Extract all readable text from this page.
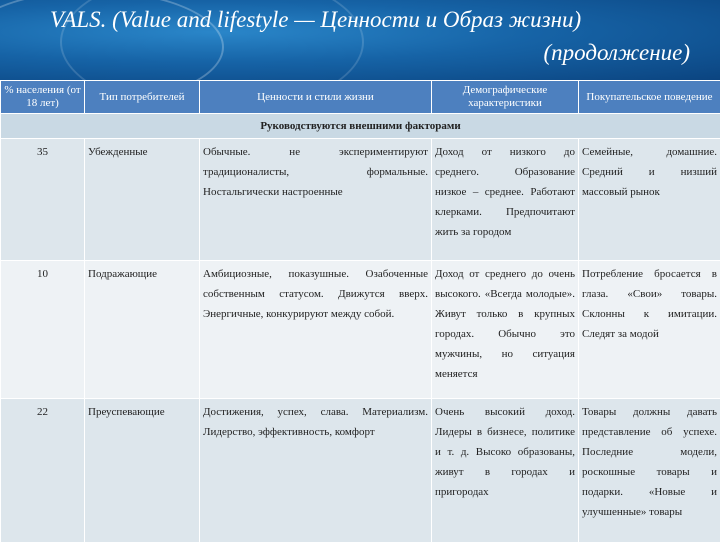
VALS. (Value and lifestyle — Ценности и Образ жизни)
(продолжение)
% населения (от 18 лет)	Тип потребителей	Ценности и стили жизни	Демографические характеристики	Покупательское поведение
Руководствуются внешними факторами				
35	Убежденные	Обычные. не экспериментируют традиционалисты, формальные. Ностальгически настроенные	Доход от низкого до среднего. Образование низкое – среднее. Работают клерками. Предпочитают жить за городом	Семейные, домашние. Средний и низший массовый рынок
10	Подражающие	Амбициозные, показушные. Озабоченные собственным статусом. Движутся вверх. Энергичные, конкурируют между собой.	Доход от среднего до очень высокого. «Всегда молодые». Живут только в крупных городах. Обычно это мужчины, но ситуация меняется	Потребление бросается в глаза. «Свои» товары. Склонны к имитации. Следят за модой
22	Преуспевающие	Достижения, успех, слава. Материализм. Лидерство, эффективность, комфорт	Очень высокий доход. Лидеры в бизнесе, политике и т. д. Высоко образованы, живут в городах и пригородах	Товары должны давать представление об успехе. Последние модели, роскошные товары и подарки. «Новые и улучшенные» товары
